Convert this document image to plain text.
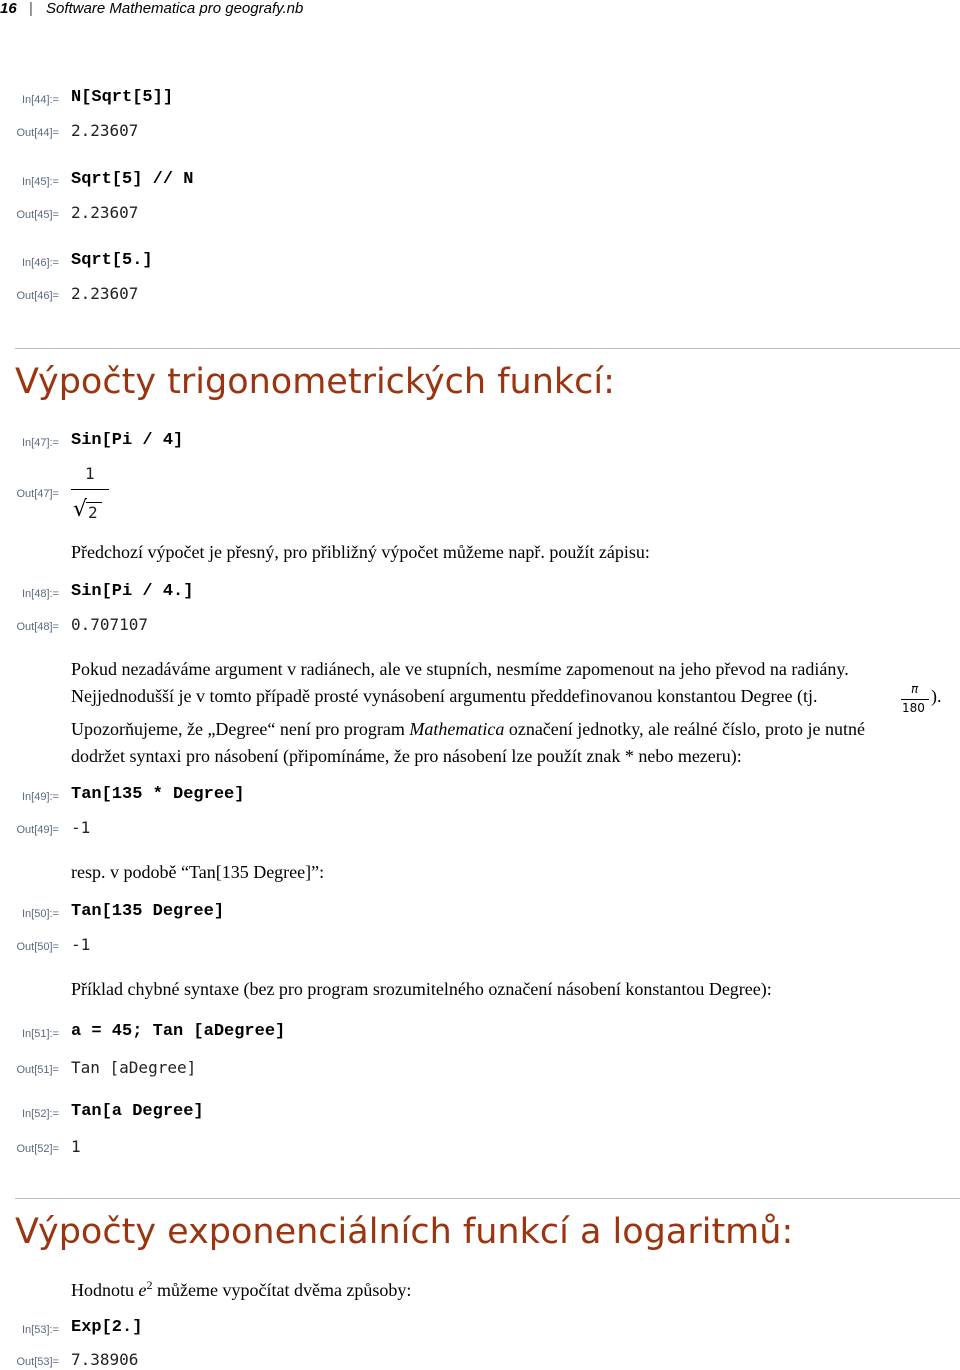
16 | Software Mathematica pro geografy.nb
In[44]:= N[Sqrt[5]]
Out[44]= 2.23607
In[45]:= Sqrt[5] // N
Out[45]= 2.23607
In[46]:= Sqrt[5.]
Out[46]= 2.23607
Výpočty trigonometrických funkcí:
In[47]:= Sin[Pi / 4]
Out[47]=
1
√ 2
Předchozí výpočet je přesný, pro přibližný výpočet můžeme např. použít zápisu:
In[48]:= Sin[Pi / 4.]
Out[48]= 0.707107
Pokud nezadáváme argument v radiánech, ale ve stupních, nesmíme zapomenout na jeho převod na radiány.
Nejjednodušší je v tomto případě prosté vynásobení argumentu předdefinovanou konstantou Degree (tj.	π
180
).
Upozorňujeme, že „Degree“ není pro program Mathematica označení jednotky, ale reálné číslo, proto je nutné
dodržet syntaxi pro násobení (připomínáme, že pro násobení lze použít znak * nebo mezeru):
In[49]:= Tan[135 * Degree]
Out[49]= -1
resp. v podobě “Tan[135 Degree]”:
In[50]:= Tan[135 Degree]
Out[50]= -1
Příklad chybné syntaxe (bez pro program srozumitelného označení násobení konstantou Degree):
In[51]:= a = 45; Tan [aDegree]
Out[51]= Tan [aDegree]
In[52]:= Tan[a Degree]
Out[52]= 1
Výpočty exponenciálních funkcí a logaritmů:
Hodnotu $e^2$ můžeme vypočítat dvěma způsoby:
In[53]:= Exp[2.]
Out[53]= 7.38906
